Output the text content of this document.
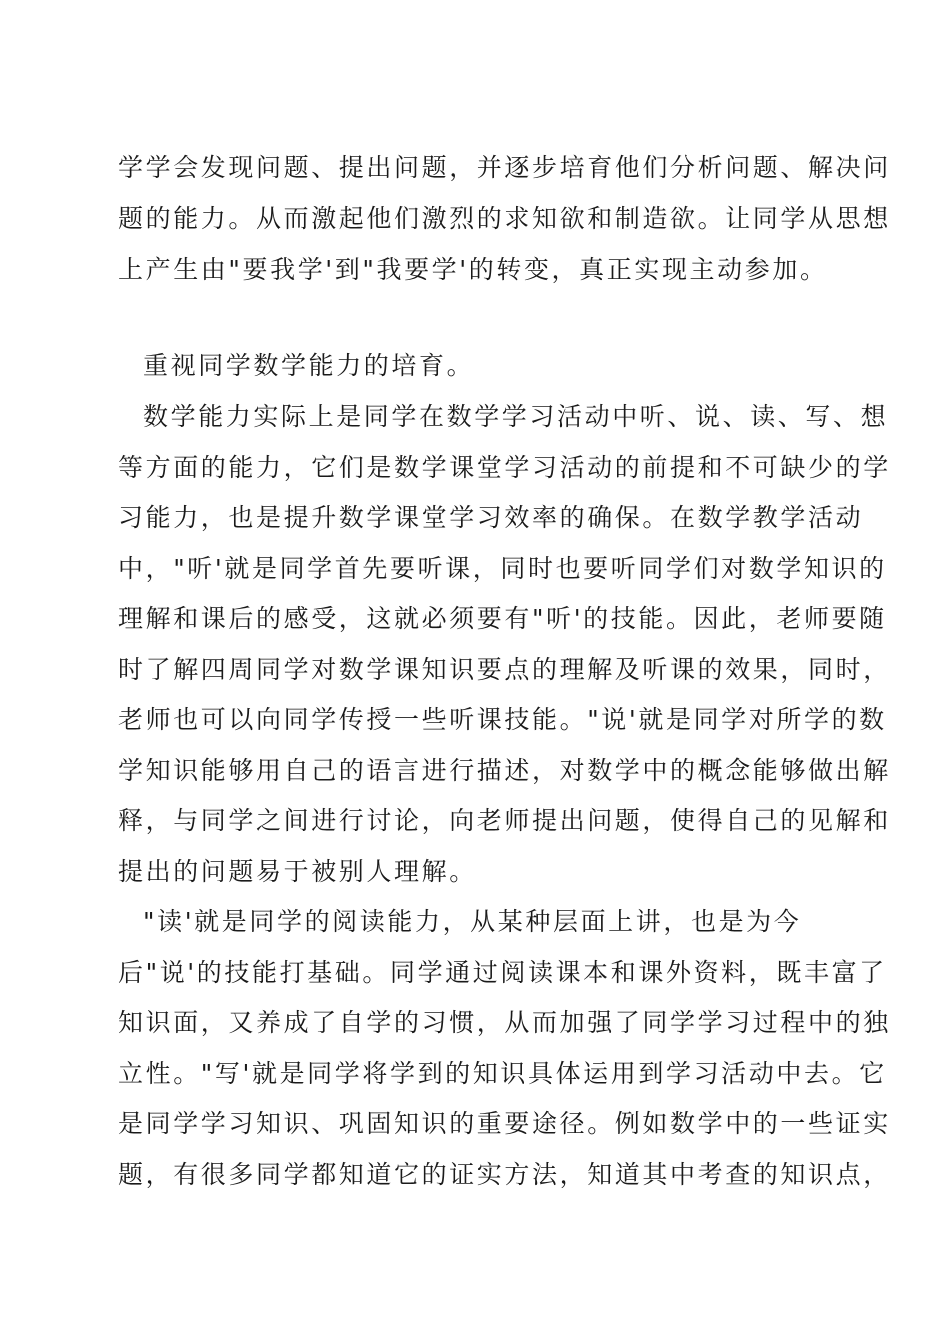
学学会发现问题、提出问题，并逐步培育他们分析问题、解决问
题的能力。从而激起他们激烈的求知欲和制造欲。让同学从思想
上产生由"要我学'到"我要学'的转变，真正实现主动参加。
重视同学数学能力的培育。
数学能力实际上是同学在数学学习活动中听、说、读、写、想
等方面的能力，它们是数学课堂学习活动的前提和不可缺少的学
习能力，也是提升数学课堂学习效率的确保。在数学教学活动
中，"听'就是同学首先要听课，同时也要听同学们对数学知识的
理解和课后的感受，这就必须要有"听'的技能。因此，老师要随
时了解四周同学对数学课知识要点的理解及听课的效果，同时，
老师也可以向同学传授一些听课技能。"说'就是同学对所学的数
学知识能够用自己的语言进行描述，对数学中的概念能够做出解
释，与同学之间进行讨论，向老师提出问题，使得自己的见解和
提出的问题易于被别人理解。
"读'就是同学的阅读能力，从某种层面上讲，也是为今
后"说'的技能打基础。同学通过阅读课本和课外资料，既丰富了
知识面，又养成了自学的习惯，从而加强了同学学习过程中的独
立性。"写'就是同学将学到的知识具体运用到学习活动中去。它
是同学学习知识、巩固知识的重要途径。例如数学中的一些证实
题，有很多同学都知道它的证实方法，知道其中考查的知识点，
